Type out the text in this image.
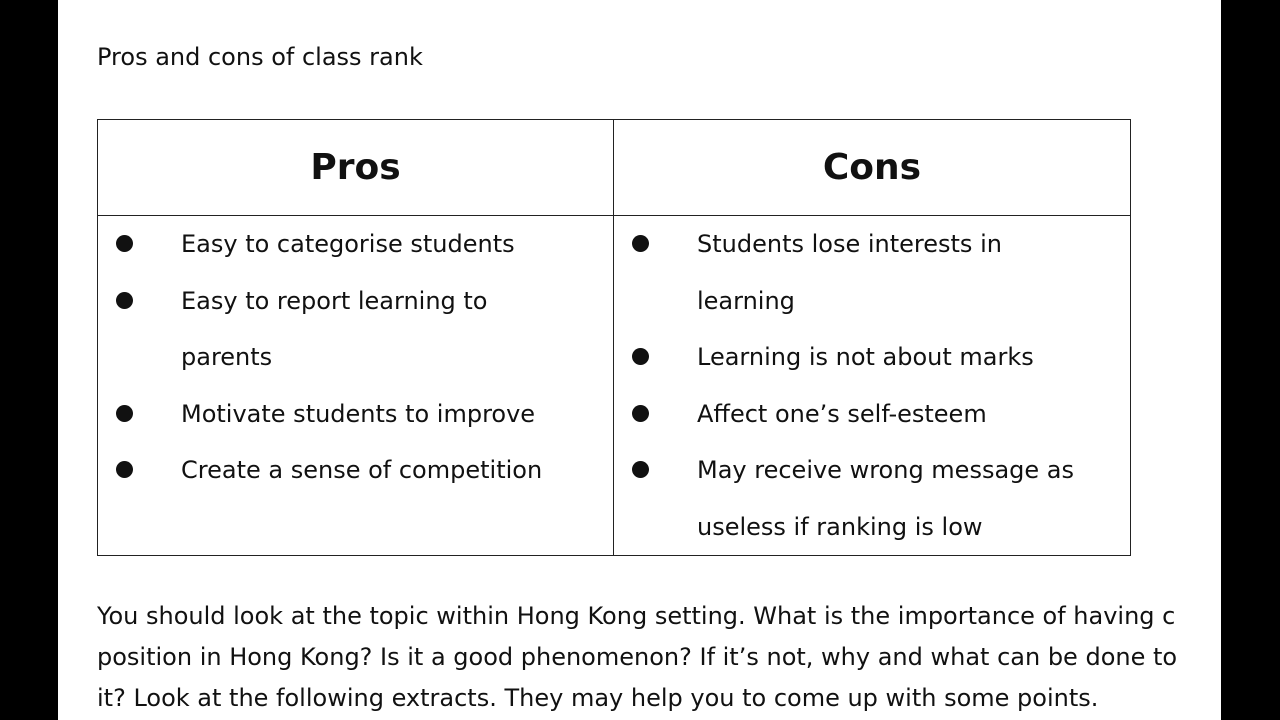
Pros and cons of class rank
Pros
Easy to categorise students
Easy to report learning to
parents
Motivate students to improve
Create a sense of competition
Cons
Students lose interests in
learning
Learning is not about marks
Affect one’s self-esteem
May receive wrong message as
useless if ranking is low
You should look at the topic within Hong Kong setting. What is the importance of having c
position in Hong Kong? Is it a good phenomenon? If it’s not, why and what can be done to
it? Look at the following extracts. They may help you to come up with some points.
